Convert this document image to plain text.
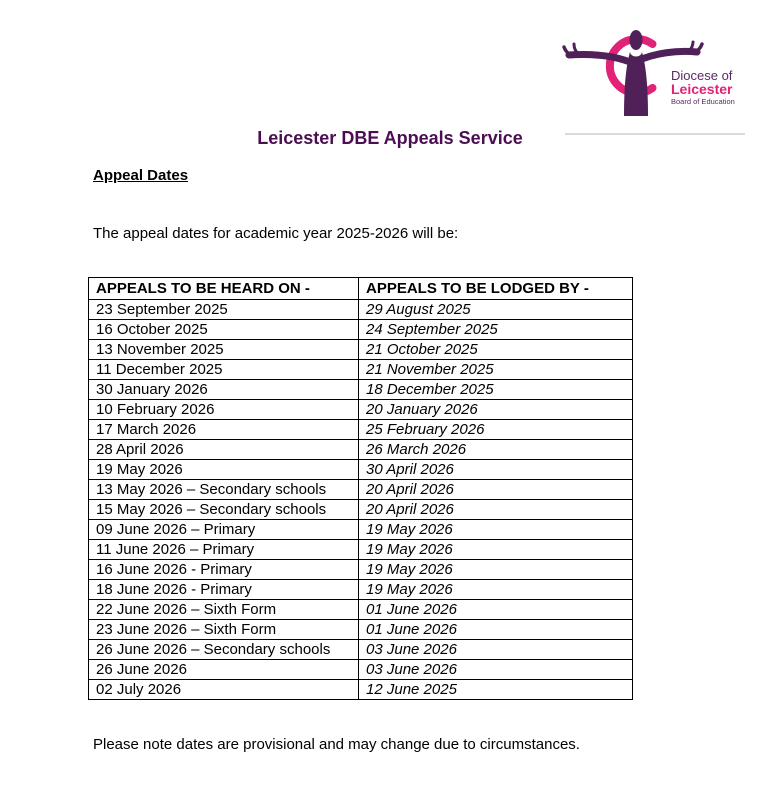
Diocese of
Leicester
Board of Education
Leicester DBE Appeals Service
Appeal Dates

The appeal dates for academic year 2025-2026 will be:

APPEALS TO BE HEARD ON -	APPEALS TO BE LODGED BY -
23 September 2025	29 August 2025
16 October 2025	24 September 2025
13 November 2025	21 October 2025
11 December 2025	21 November 2025
30 January 2026	18 December 2025
10 February 2026	20 January 2026
17 March 2026	25 February 2026
28 April 2026	26 March 2026
19 May 2026	30 April 2026
13 May 2026 – Secondary schools	20 April 2026
15 May 2026 – Secondary schools	20 April 2026
09 June 2026 – Primary	19 May 2026
11 June 2026 – Primary	19 May 2026
16 June 2026 - Primary	19 May 2026
18 June 2026 - Primary	19 May 2026
22 June 2026 – Sixth Form	01 June 2026
23 June 2026 – Sixth Form	01 June 2026
26 June 2026 – Secondary schools	03 June 2026
26 June 2026	03 June 2026
02 July 2026	12 June 2025

Please note dates are provisional and may change due to circumstances.
